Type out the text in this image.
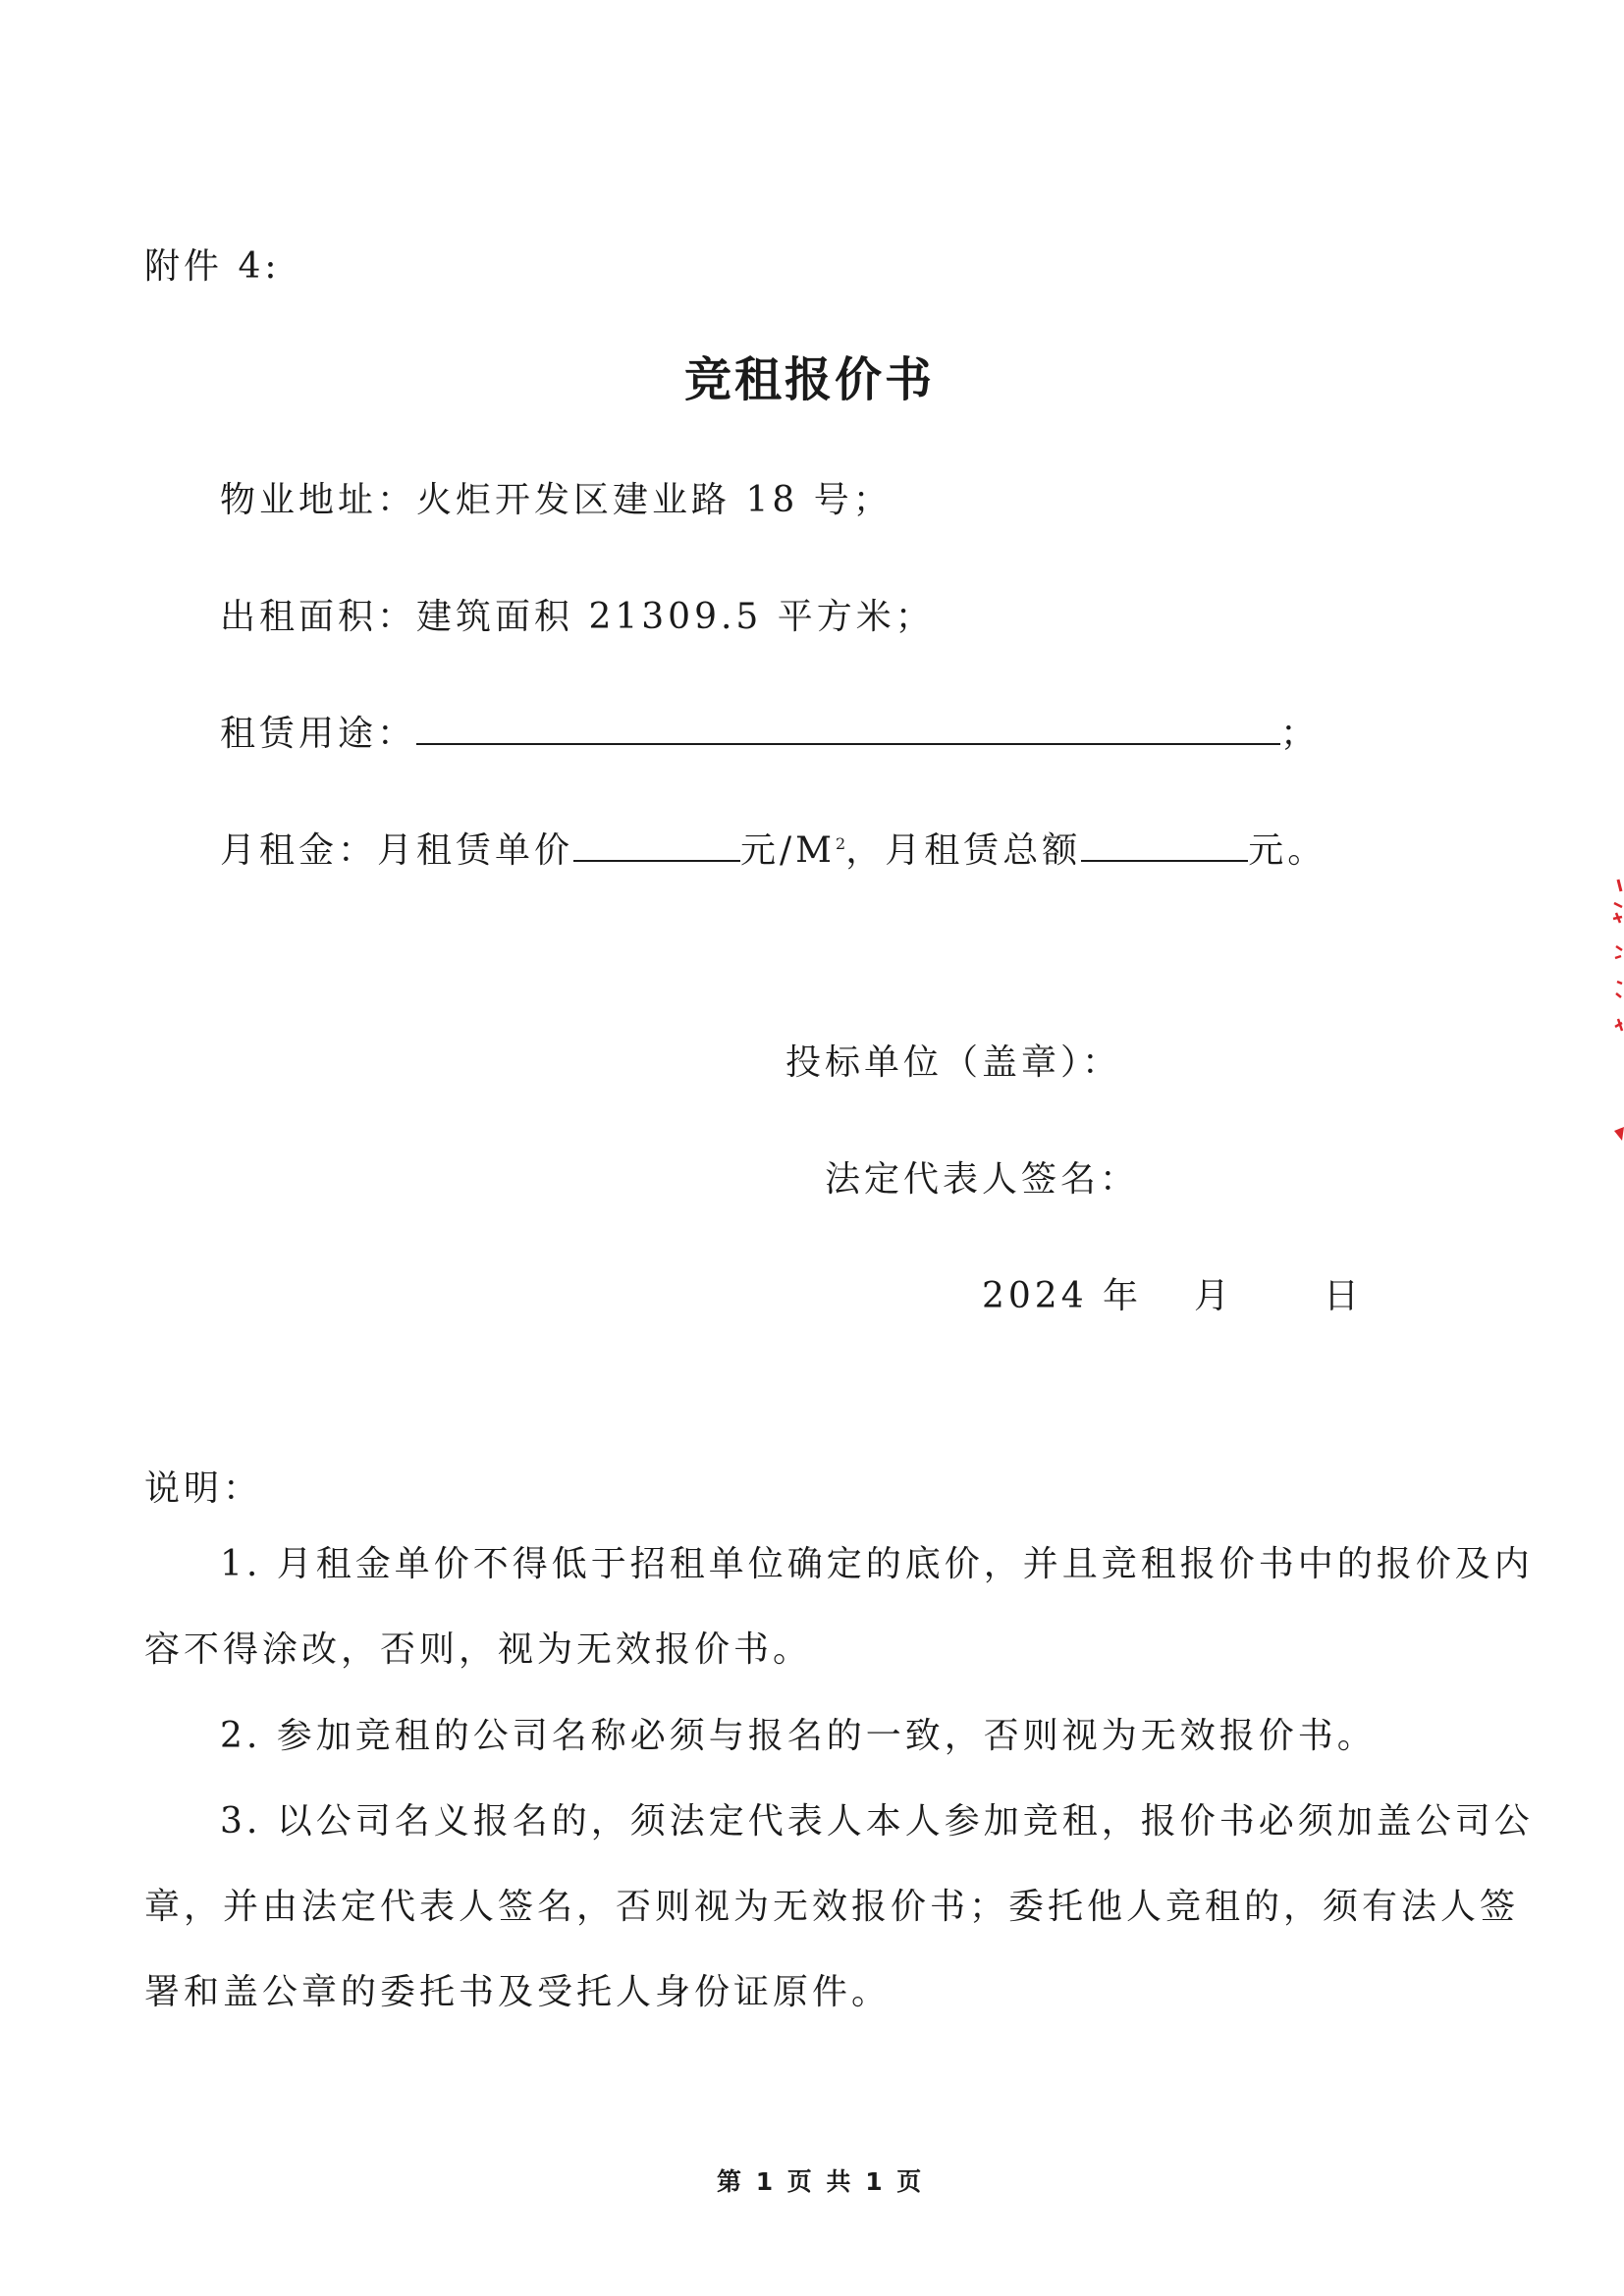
附件 4:
竞租报价书
物业地址：火炬开发区建业路 18 号；
出租面积：建筑面积 21309.5 平方米；
租赁用途：	；
月租金：月租赁单价	元$/M^2$，月租赁总额	元。
投标单位（盖章）：
法定代表人签名：
2024 年 月	日
说明：
1. 月租金单价不得低于招租单位确定的底价，并且竞租报价书中的报价及内
容不得涂改，否则，视为无效报价书。
2. 参加竞租的公司名称必须与报名的一致，否则视为无效报价书。
3. 以公司名义报名的，须法定代表人本人参加竞租，报价书必须加盖公司公
章，并由法定代表人签名，否则视为无效报价书；委托他人竞租的，须有法人签
署和盖公章的委托书及受托人身份证原件。
第 1 页 共 1 页
